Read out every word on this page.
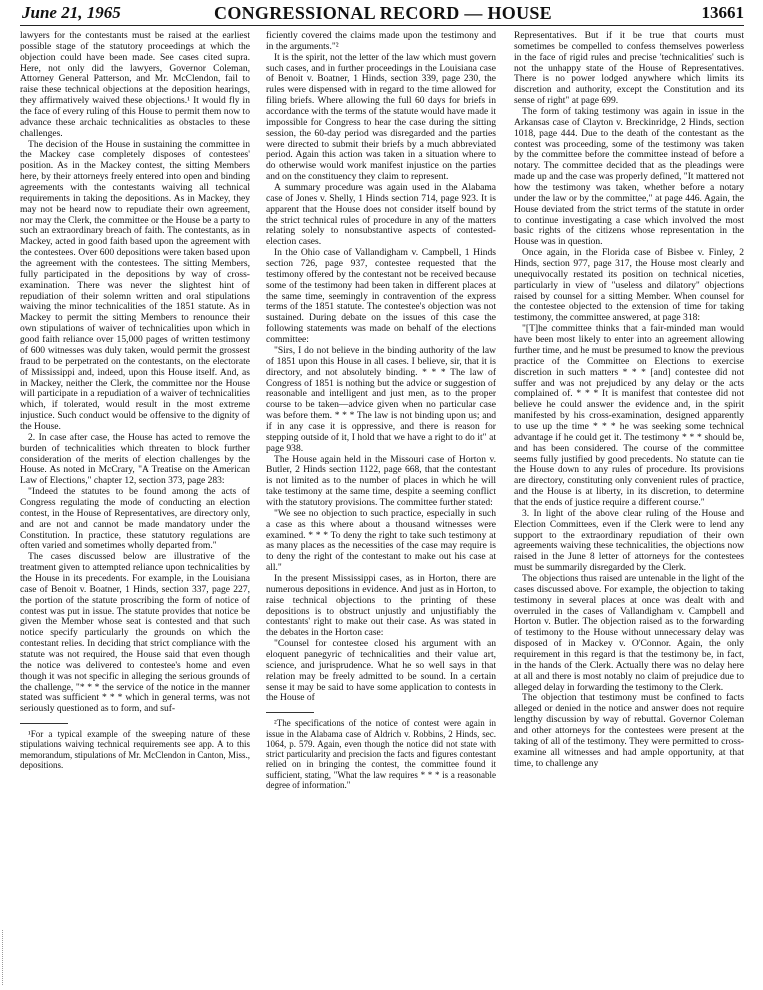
June 21, 1965	CONGRESSIONAL RECORD — HOUSE	13661

lawyers for the contestants must be raised at the earliest possible stage of the statutory proceedings at which the objection could have been made. See cases cited supra. Here, not only did the lawyers, Governor Coleman, Attorney General Patterson, and Mr. McClendon, fail to raise these technical objections at the deposition hearings, they affirmatively waived these objections.¹ It would fly in the face of every ruling of this House to permit them now to advance these archaic technicalities as obstacles to these challenges.

The decision of the House in sustaining the committee in the Mackey case completely disposes of contestees' position. As in the Mackey contest, the sitting Members here, by their attorneys freely entered into open and binding agreements with the contestants waiving all technical requirements in taking the depositions. As in Mackey, they may not be heard now to repudiate their own agreement, nor may the Clerk, the committee or the House be a party to such an extraordinary breach of faith. The contestants, as in Mackey, acted in good faith based upon the agreement with the contestees. Over 600 depositions were taken based upon the agreement with the contestees. The sitting Members, fully participated in the depositions by way of cross-examination. There was never the slightest hint of repudiation of their solemn written and oral stipulations waiving the minor technicalities of the 1851 statute. As in Mackey to permit the sitting Members to renounce their own stipulations of waiver of technicalities upon which in good faith reliance over 15,000 pages of written testimony of 600 witnesses was duly taken, would permit the grossest fraud to be perpetrated on the contestants, on the electorate of Mississippi and, indeed, upon this House itself. And, as in Mackey, neither the Clerk, the committee nor the House will participate in a repudiation of a waiver of technicalities which, if tolerated, would result in the most extreme injustice. Such conduct would be offensive to the dignity of the House.

2. In case after case, the House has acted to remove the burden of technicalities which threaten to block further consideration of the merits of election challenges by the House. As noted in McCrary, "A Treatise on the American Law of Elections," chapter 12, section 373, page 283:

"Indeed the statutes to be found among the acts of Congress regulating the mode of conducting an election contest, in the House of Representatives, are directory only, and are not and cannot be made mandatory under the Constitution. In practice, these statutory regulations are often varied and sometimes wholly departed from."

The cases discussed below are illustrative of the treatment given to attempted reliance upon technicalities by the House in its precedents. For example, in the Louisiana case of Benoit v. Boatner, 1 Hinds, section 337, page 227, the portion of the statute proscribing the form of notice of contest was put in issue. The statute provides that notice be given the Member whose seat is contested and that such notice specify particularly the grounds on which the contestant relies. In deciding that strict compliance with the statute was not required, the House said that even though the notice was delivered to contestee's home and even though it was not specific in alleging the serious grounds of the challenge, "* * * the service of the notice in the manner stated was sufficient * * * which in general terms, was not seriously questioned as to form, and suf-

¹For a typical example of the sweeping nature of these stipulations waiving technical requirements see app. A to this memorandum, stipulations of Mr. McClendon in Canton, Miss., depositions.

ficiently covered the claims made upon the testimony and in the arguments."²

It is the spirit, not the letter of the law which must govern such cases, and in further proceedings in the Louisiana case of Benoit v. Boatner, 1 Hinds, section 339, page 230, the rules were dispensed with in regard to the time allowed for filing briefs. Where allowing the full 60 days for briefs in accordance with the terms of the statute would have made it impossible for Congress to hear the case during the sitting session, the 60-day period was disregarded and the parties were directed to submit their briefs by a much abbreviated period. Again this action was taken in a situation where to do otherwise would work manifest injustice on the parties and on the constituency they claim to represent.

A summary procedure was again used in the Alabama case of Jones v. Shelly, 1 Hinds section 714, page 923. It is apparent that the House does not consider itself bound by the strict technical rules of procedure in any of the matters relating solely to nonsubstantive aspects of contested-election cases.

In the Ohio case of Vallandigham v. Campbell, 1 Hinds section 726, page 937, contestee requested that the testimony offered by the contestant not be received because some of the testimony had been taken in different places at the same time, seemingly in contravention of the express terms of the 1851 statute. The contestee's objection was not sustained. During debate on the issues of this case the following statements was made on behalf of the elections committee:

"Sirs, I do not believe in the binding authority of the law of 1851 upon this House in all cases. I believe, sir, that it is directory, and not absolutely binding. * * * The law of Congress of 1851 is nothing but the advice or suggestion of reasonable and intelligent and just men, as to the proper course to be taken—advice given when no particular case was before them. * * * The law is not binding upon us; and if in any case it is oppressive, and there is reason for stepping outside of it, I hold that we have a right to do it" at page 938.

The House again held in the Missouri case of Horton v. Butler, 2 Hinds section 1122, page 668, that the contestant is not limited as to the number of places in which he will take testimony at the same time, despite a seeming conflict with the statutory provisions. The committee further stated:

"We see no objection to such practice, especially in such a case as this where about a thousand witnesses were examined. * * * To deny the right to take such testimony at as many places as the necessities of the case may require is to deny the right of the contestant to make out his case at all."

In the present Mississippi cases, as in Horton, there are numerous depositions in evidence. And just as in Horton, to raise technical objections to the printing of these depositions is to obstruct unjustly and unjustifiably the contestants' right to make out their case. As was stated in the debates in the Horton case:

"Counsel for contestee closed his argument with an eloquent panegyric of technicalities and their value art, science, and jurisprudence. What he so well says in that relation may be freely admitted to be sound. In a certain sense it may be said to have some application to contests in the House of

²The specifications of the notice of contest were again in issue in the Alabama case of Aldrich v. Robbins, 2 Hinds, sec. 1064, p. 579. Again, even though the notice did not state with strict particularity and precision the facts and figures contestant relied on in bringing the contest, the committee found it sufficient, stating, "What the law requires * * * is a reasonable degree of information."

Representatives. But if it be true that courts must sometimes be compelled to confess themselves powerless in the face of rigid rules and precise 'technicalities' such is not the unhappy state of the House of Representatives. There is no power lodged anywhere which limits its discretion and authority, except the Constitution and its sense of right" at page 699.

The form of taking testimony was again in issue in the Arkansas case of Clayton v. Breckinridge, 2 Hinds, section 1018, page 444. Due to the death of the contestant as the contest was proceeding, some of the testimony was taken by the committee before the committee instead of before a notary. The committee decided that as the pleadings were made up and the case was properly defined, "It mattered not how the testimony was taken, whether before a notary under the law or by the committee," at page 446. Again, the House deviated from the strict terms of the statute in order to continue investigating a case which involved the most basic rights of the citizens whose representation in the House was in question.

Once again, in the Florida case of Bisbee v. Finley, 2 Hinds, section 977, page 317, the House most clearly and unequivocally restated its position on technical niceties, particularly in view of "useless and dilatory" objections raised by counsel for a sitting Member. When counsel for the contestee objected to the extension of time for taking testimony, the committee answered, at page 318:

"[T]he committee thinks that a fair-minded man would have been most likely to enter into an agreement allowing further time, and he must be presumed to know the previous practice of the Committee on Elections to exercise discretion in such matters * * * [and] contestee did not suffer and was not prejudiced by any delay or the acts complained of. * * * It is manifest that contestee did not believe he could answer the evidence and, in the spirit manifested by his cross-examination, designed apparently to use up the time * * * he was seeking some technical advantage if he could get it. The testimony * * * should be, and has been considered. The course of the committee seems fully justified by good precedents. No statute can tie the House down to any rules of procedure. Its provisions are directory, constituting only convenient rules of practice, and the House is at liberty, in its discretion, to determine that the ends of justice require a different course."

3. In light of the above clear ruling of the House and Election Committees, even if the Clerk were to lend any support to the extraordinary repudiation of their own agreements waiving these technicalities, the objections now raised in the June 8 letter of attorneys for the contestees must be summarily disregarded by the Clerk.

The objections thus raised are untenable in the light of the cases discussed above. For example, the objection to taking testimony in several places at once was dealt with and overruled in the cases of Vallandigham v. Campbell and Horton v. Butler. The objection raised as to the forwarding of testimony to the House without unnecessary delay was disposed of in Mackey v. O'Connor. Again, the only requirement in this regard is that the testimony be, in fact, in the hands of the Clerk. Actually there was no delay here at all and there is most notably no claim of prejudice due to alleged delay in forwarding the testimony to the Clerk.

The objection that testimony must be confined to facts alleged or denied in the notice and answer does not require lengthy discussion by way of rebuttal. Governor Coleman and other attorneys for the contestees were present at the taking of all of the testimony. They were permitted to cross-examine all witnesses and had ample opportunity, at that time, to challenge any
